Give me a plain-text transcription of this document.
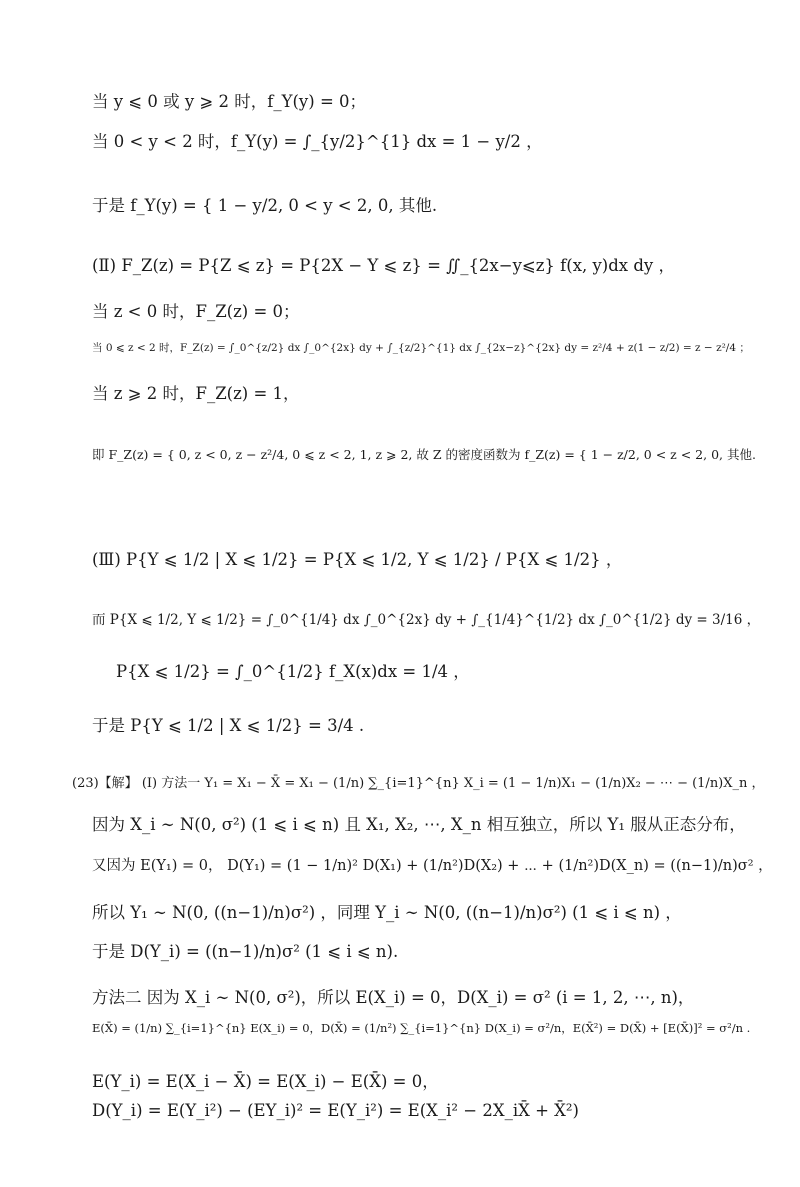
当 y ⩽ 0 或 y ⩾ 2 时，f_Y(y) = 0；
当 0 < y < 2 时，f_Y(y) = ∫_{y/2}^{1} dx = 1 − y/2 ，
于是 f_Y(y) = { 1 − y/2, 0 < y < 2, 0, 其他.
(Ⅱ) F_Z(z) = P{Z ⩽ z} = P{2X − Y ⩽ z} = ∬_{2x−y⩽z} f(x, y)dx dy ，
当 z < 0 时，F_Z(z) = 0；
当 0 ⩽ z < 2 时，F_Z(z) = ∫_0^{z/2} dx ∫_0^{2x} dy + ∫_{z/2}^{1} dx ∫_{2x−z}^{2x} dy = z²/4 + z(1 − z/2) = z − z²/4 ；
当 z ⩾ 2 时，F_Z(z) = 1，
即 F_Z(z) = { 0, z < 0, z − z²/4, 0 ⩽ z < 2, 1, z ⩾ 2, 故 Z 的密度函数为 f_Z(z) = { 1 − z/2, 0 < z < 2, 0, 其他.
(Ⅲ) P{Y ⩽ 1/2 | X ⩽ 1/2} = P{X ⩽ 1/2, Y ⩽ 1/2} / P{X ⩽ 1/2} ，
而 P{X ⩽ 1/2, Y ⩽ 1/2} = ∫_0^{1/4} dx ∫_0^{2x} dy + ∫_{1/4}^{1/2} dx ∫_0^{1/2} dy = 3/16 ，
P{X ⩽ 1/2} = ∫_0^{1/2} f_X(x)dx = 1/4 ，
于是 P{Y ⩽ 1/2 | X ⩽ 1/2} = 3/4 .
(23)【解】 (Ⅰ) 方法一 Y₁ = X₁ − X̄ = X₁ − (1/n) ∑_{i=1}^{n} X_i = (1 − 1/n)X₁ − (1/n)X₂ − ⋯ − (1/n)X_n ，
因为 X_i ∼ N(0, σ²) (1 ⩽ i ⩽ n) 且 X₁, X₂, ⋯, X_n 相互独立，所以 Y₁ 服从正态分布，
又因为 E(Y₁) = 0， D(Y₁) = (1 − 1/n)² D(X₁) + (1/n²)D(X₂) + ⋯ + (1/n²)D(X_n) = ((n−1)/n)σ² ，
所以 Y₁ ∼ N(0, ((n−1)/n)σ²) ，同理 Y_i ∼ N(0, ((n−1)/n)σ²) (1 ⩽ i ⩽ n) ，
于是 D(Y_i) = ((n−1)/n)σ² (1 ⩽ i ⩽ n).
方法二 因为 X_i ∼ N(0, σ²)，所以 E(X_i) = 0，D(X_i) = σ² (i = 1, 2, ⋯, n)，
E(X̄) = (1/n) ∑_{i=1}^{n} E(X_i) = 0，D(X̄) = (1/n²) ∑_{i=1}^{n} D(X_i) = σ²/n，E(X̄²) = D(X̄) + [E(X̄)]² = σ²/n .
E(Y_i) = E(X_i − X̄) = E(X_i) − E(X̄) = 0，
D(Y_i) = E(Y_i²) − (EY_i)² = E(Y_i²) = E(X_i² − 2X_iX̄ + X̄²)
